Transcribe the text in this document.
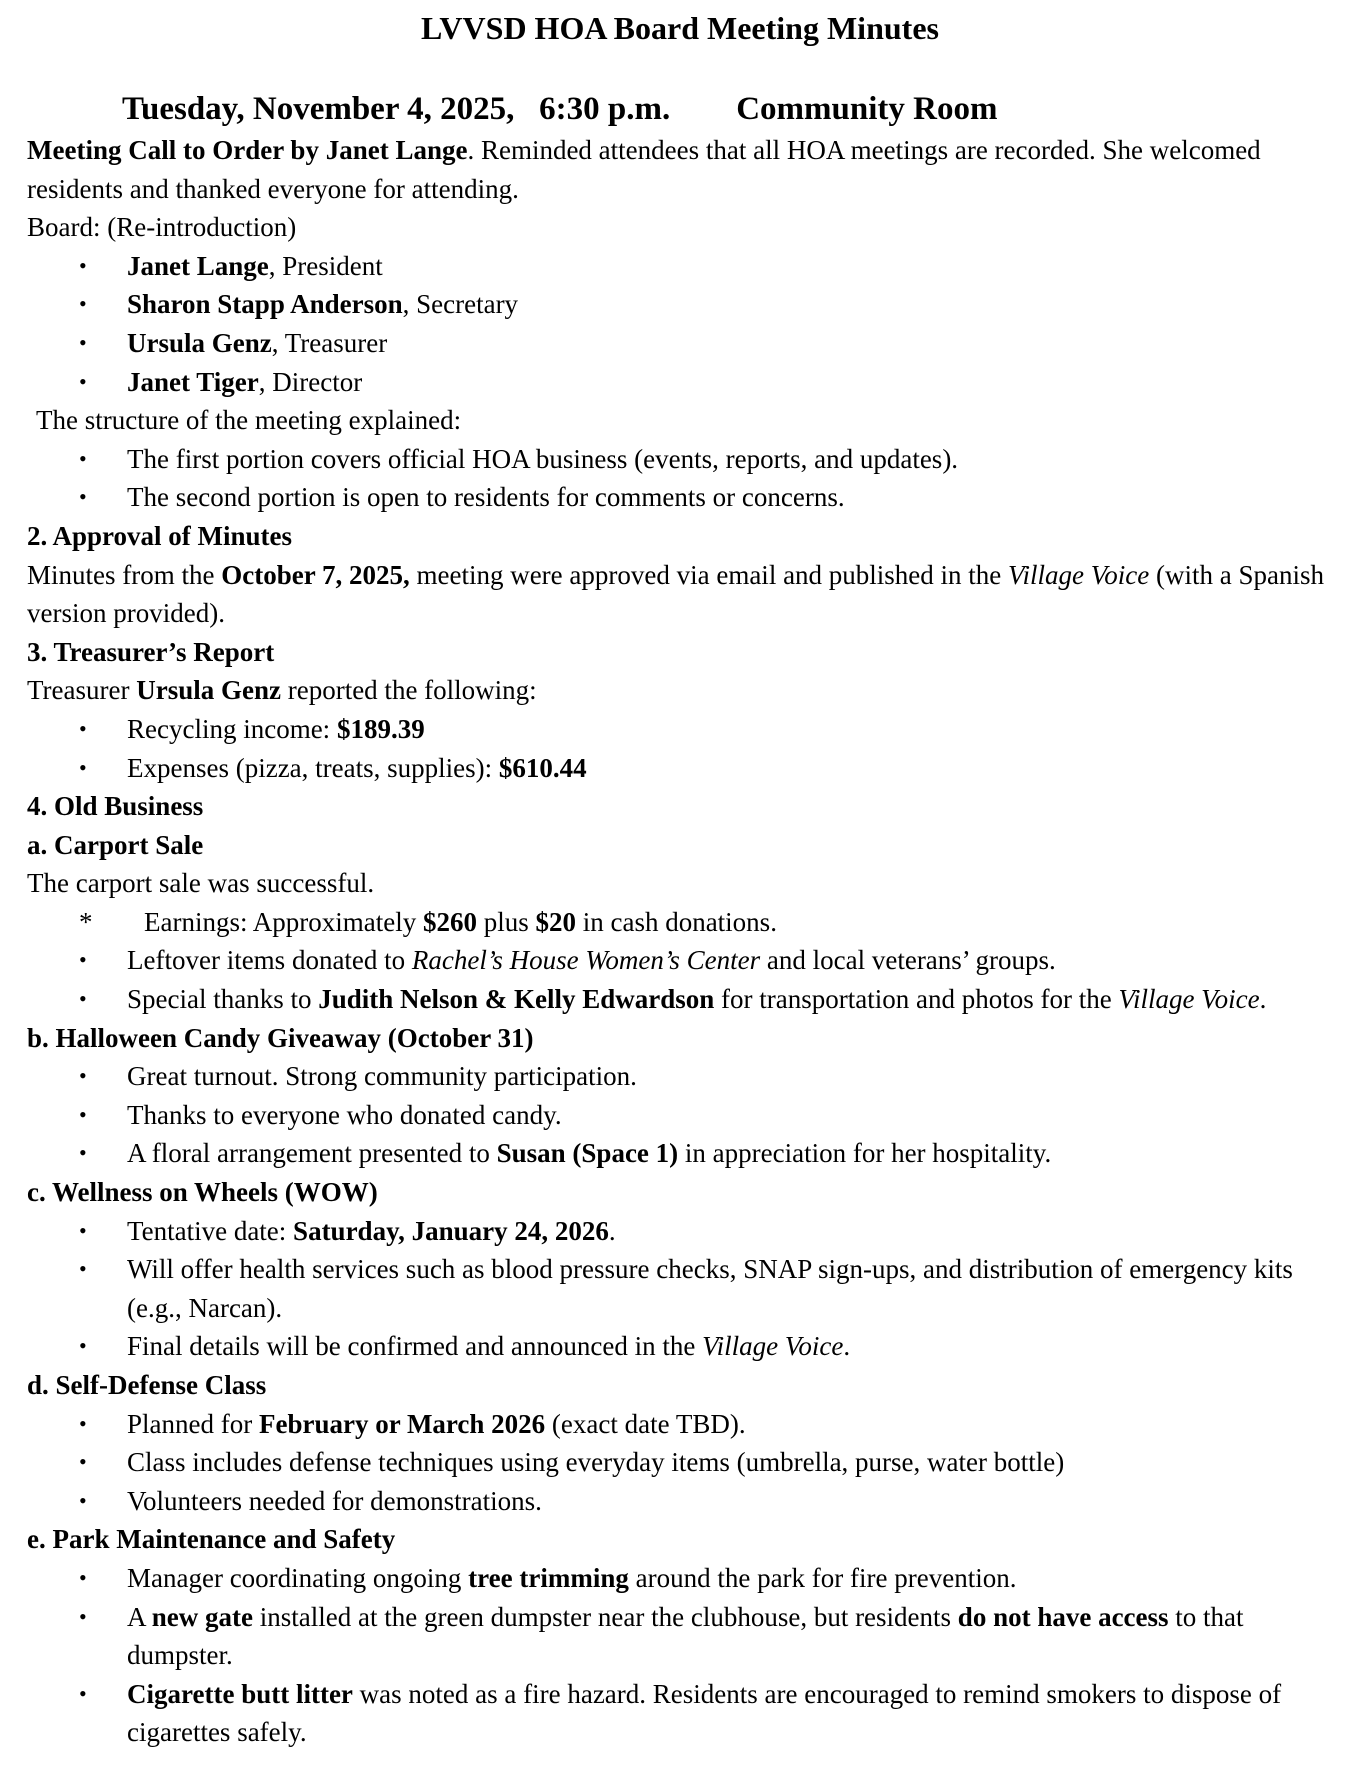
LVVSD HOA Board Meeting Minutes
Tuesday, November 4, 2025, 6:30 p.m. Community Room

Meeting Call to Order by Janet Lange. Reminded attendees that all HOA meetings are recorded. She welcomed residents and thanked everyone for attending.

Board: (Re-introduction)

• Janet Lange, President
• Sharon Stapp Anderson, Secretary
• Ursula Genz, Treasurer
• Janet Tiger, Director

The structure of the meeting explained:

• The first portion covers official HOA business (events, reports, and updates).
• The second portion is open to residents for comments or concerns.

2. Approval of Minutes

Minutes from the October 7, 2025, meeting were approved via email and published in the Village Voice (with a Spanish version provided).

3. Treasurer’s Report

Treasurer Ursula Genz reported the following:

• Recycling income: $189.39
• Expenses (pizza, treats, supplies): $610.44

4. Old Business

a. Carport Sale

The carport sale was successful.

* Earnings: Approximately $260 plus $20 in cash donations.
• Leftover items donated to Rachel’s House Women’s Center and local veterans’ groups.
• Special thanks to Judith Nelson & Kelly Edwardson for transportation and photos for the Village Voice.

b. Halloween Candy Giveaway (October 31)

• Great turnout. Strong community participation.
• Thanks to everyone who donated candy.
• A floral arrangement presented to Susan (Space 1) in appreciation for her hospitality.

c. Wellness on Wheels (WOW)

• Tentative date: Saturday, January 24, 2026.
• Will offer health services such as blood pressure checks, SNAP sign-ups, and distribution of emergency kits (e.g., Narcan).
• Final details will be confirmed and announced in the Village Voice.

d. Self-Defense Class

• Planned for February or March 2026 (exact date TBD).
• Class includes defense techniques using everyday items (umbrella, purse, water bottle)
• Volunteers needed for demonstrations.

e. Park Maintenance and Safety

• Manager coordinating ongoing tree trimming around the park for fire prevention.
• A new gate installed at the green dumpster near the clubhouse, but residents do not have access to that dumpster.
• Cigarette butt litter was noted as a fire hazard. Residents are encouraged to remind smokers to dispose of cigarettes safely.
